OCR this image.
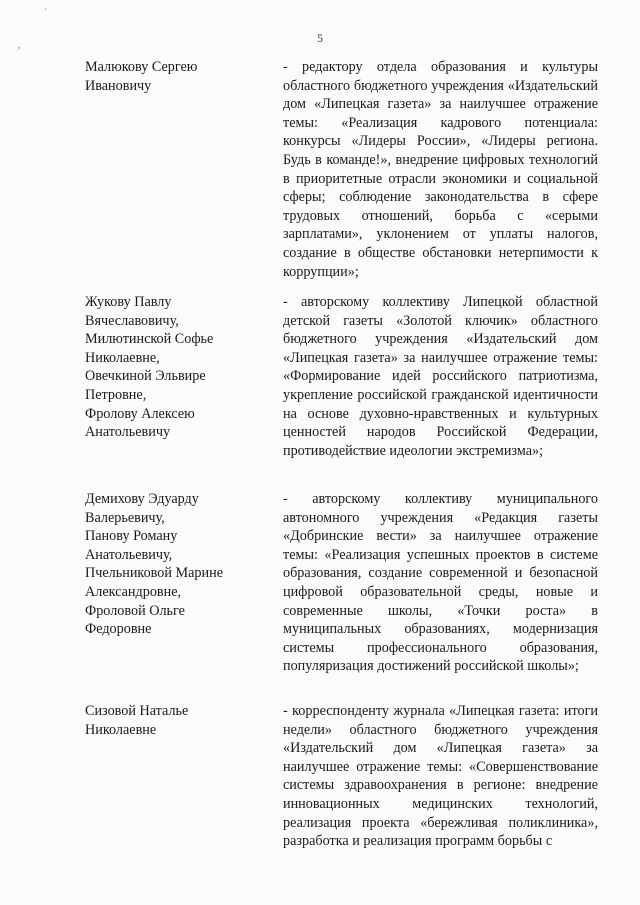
`
,
5
Малюкову Сергею
Ивановичу
- редактору отдела образования и культуры областного бюджетного учреждения «Издательский дом «Липецкая газета» за наилучшее отражение темы: «Реализация кадрового потенциала: конкурсы «Лидеры России», «Лидеры региона. Будь в команде!», внедрение цифровых технологий в приоритетные отрасли экономики и социальной сферы; соблюдение законодательства в сфере трудовых отношений, борьба с «серыми зарплатами», уклонением от уплаты налогов, создание в обществе обстановки нетерпимости к коррупции»;
Жукову Павлу
Вячеславовичу,
Милютинской Софье
Николаевне,
Овечкиной Эльвире
Петровне,
Фролову Алексею
Анатольевичу
- авторскому коллективу Липецкой областной детской газеты «Золотой ключик» областного бюджетного учреждения «Издательский дом «Липецкая газета» за наилучшее отражение темы: «Формирование идей российского патриотизма, укрепление российской гражданской идентичности на основе духовно-нравственных и культурных ценностей народов Российской Федерации, противодействие идеологии экстремизма»;
Демихову Эдуарду
Валерьевичу,
Панову Роману
Анатольевичу,
Пчельниковой Марине
Александровне,
Фроловой Ольге
Федоровне
- авторскому коллективу муниципального автономного учреждения «Редакция газеты «Добринские вести» за наилучшее отражение темы: «Реализация успешных проектов в системе образования, создание современной и безопасной цифровой образовательной среды, новые и современные школы, «Точки роста» в муниципальных образованиях, модернизация системы профессионального образования, популяризация достижений российской школы»;
Сизовой Наталье
Николаевне
- корреспонденту журнала «Липецкая газета: итоги недели» областного бюджетного учреждения «Издательский дом «Липецкая газета» за наилучшее отражение темы: «Совершенствование системы здравоохранения в регионе: внедрение инновационных медицинских технологий, реализация проекта «бережливая поликлиника», разработка и реализация программ борьбы с
